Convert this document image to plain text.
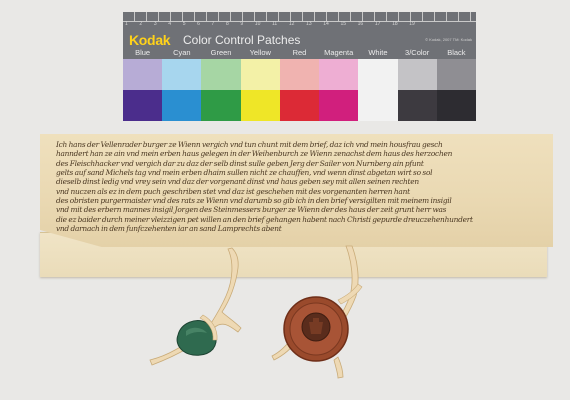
1 2 3 4 5 6 7 8 9 10 11 12 13 14 15 16 17 18 19
Kodak Color Control Patches	© Kodak, 2007 TM: Kodak
Blue	Cyan	Green	Yellow	Red	Magenta	White	3/Color	Black
Ich hans der Vellenrader burger ze Wienn vergich vnd tun chunt mit dem brief, daz ich vnd mein housfrau gesch
hanndert han ze ain vnd mein erben haus gelegen in der Weihenburch ze Wienn zenachst dem haus des herzochen
des Fleischhacker vnd vergich dar zu daz der selb dinst sulle geben Jerg der Sailer von Nurnberg ain pfunt
gelts auf sand Michels tag vnd mein erben dhaim sullen nicht ze chauffen, vnd wenn dinst abgetan wirt so sol
dieselb dinst ledig vnd vrey sein vnd daz der vorgenant dinst vnd haus geben sey mit allen seinen rechten
vnd nuczen als ez in dem puch geschriben stet vnd daz ist geschehen mit des vorgenanten herren hant
des obristen purgermaister vnd des rats ze Wienn vnd darumb so gib ich in den brief versigilten mit meinem insigil
vnd mit des erbern mannes insigil Jorgen des Steinmessers burger ze Wienn der des haus der zeit grunt herr was
die ez baider durch meiner vleizzigen pet willen an den brief gehangen habent nach Christi gepurde dreuczehenhundert
vnd darnach in dem funfczehenten iar an sand Lamprechts abent
